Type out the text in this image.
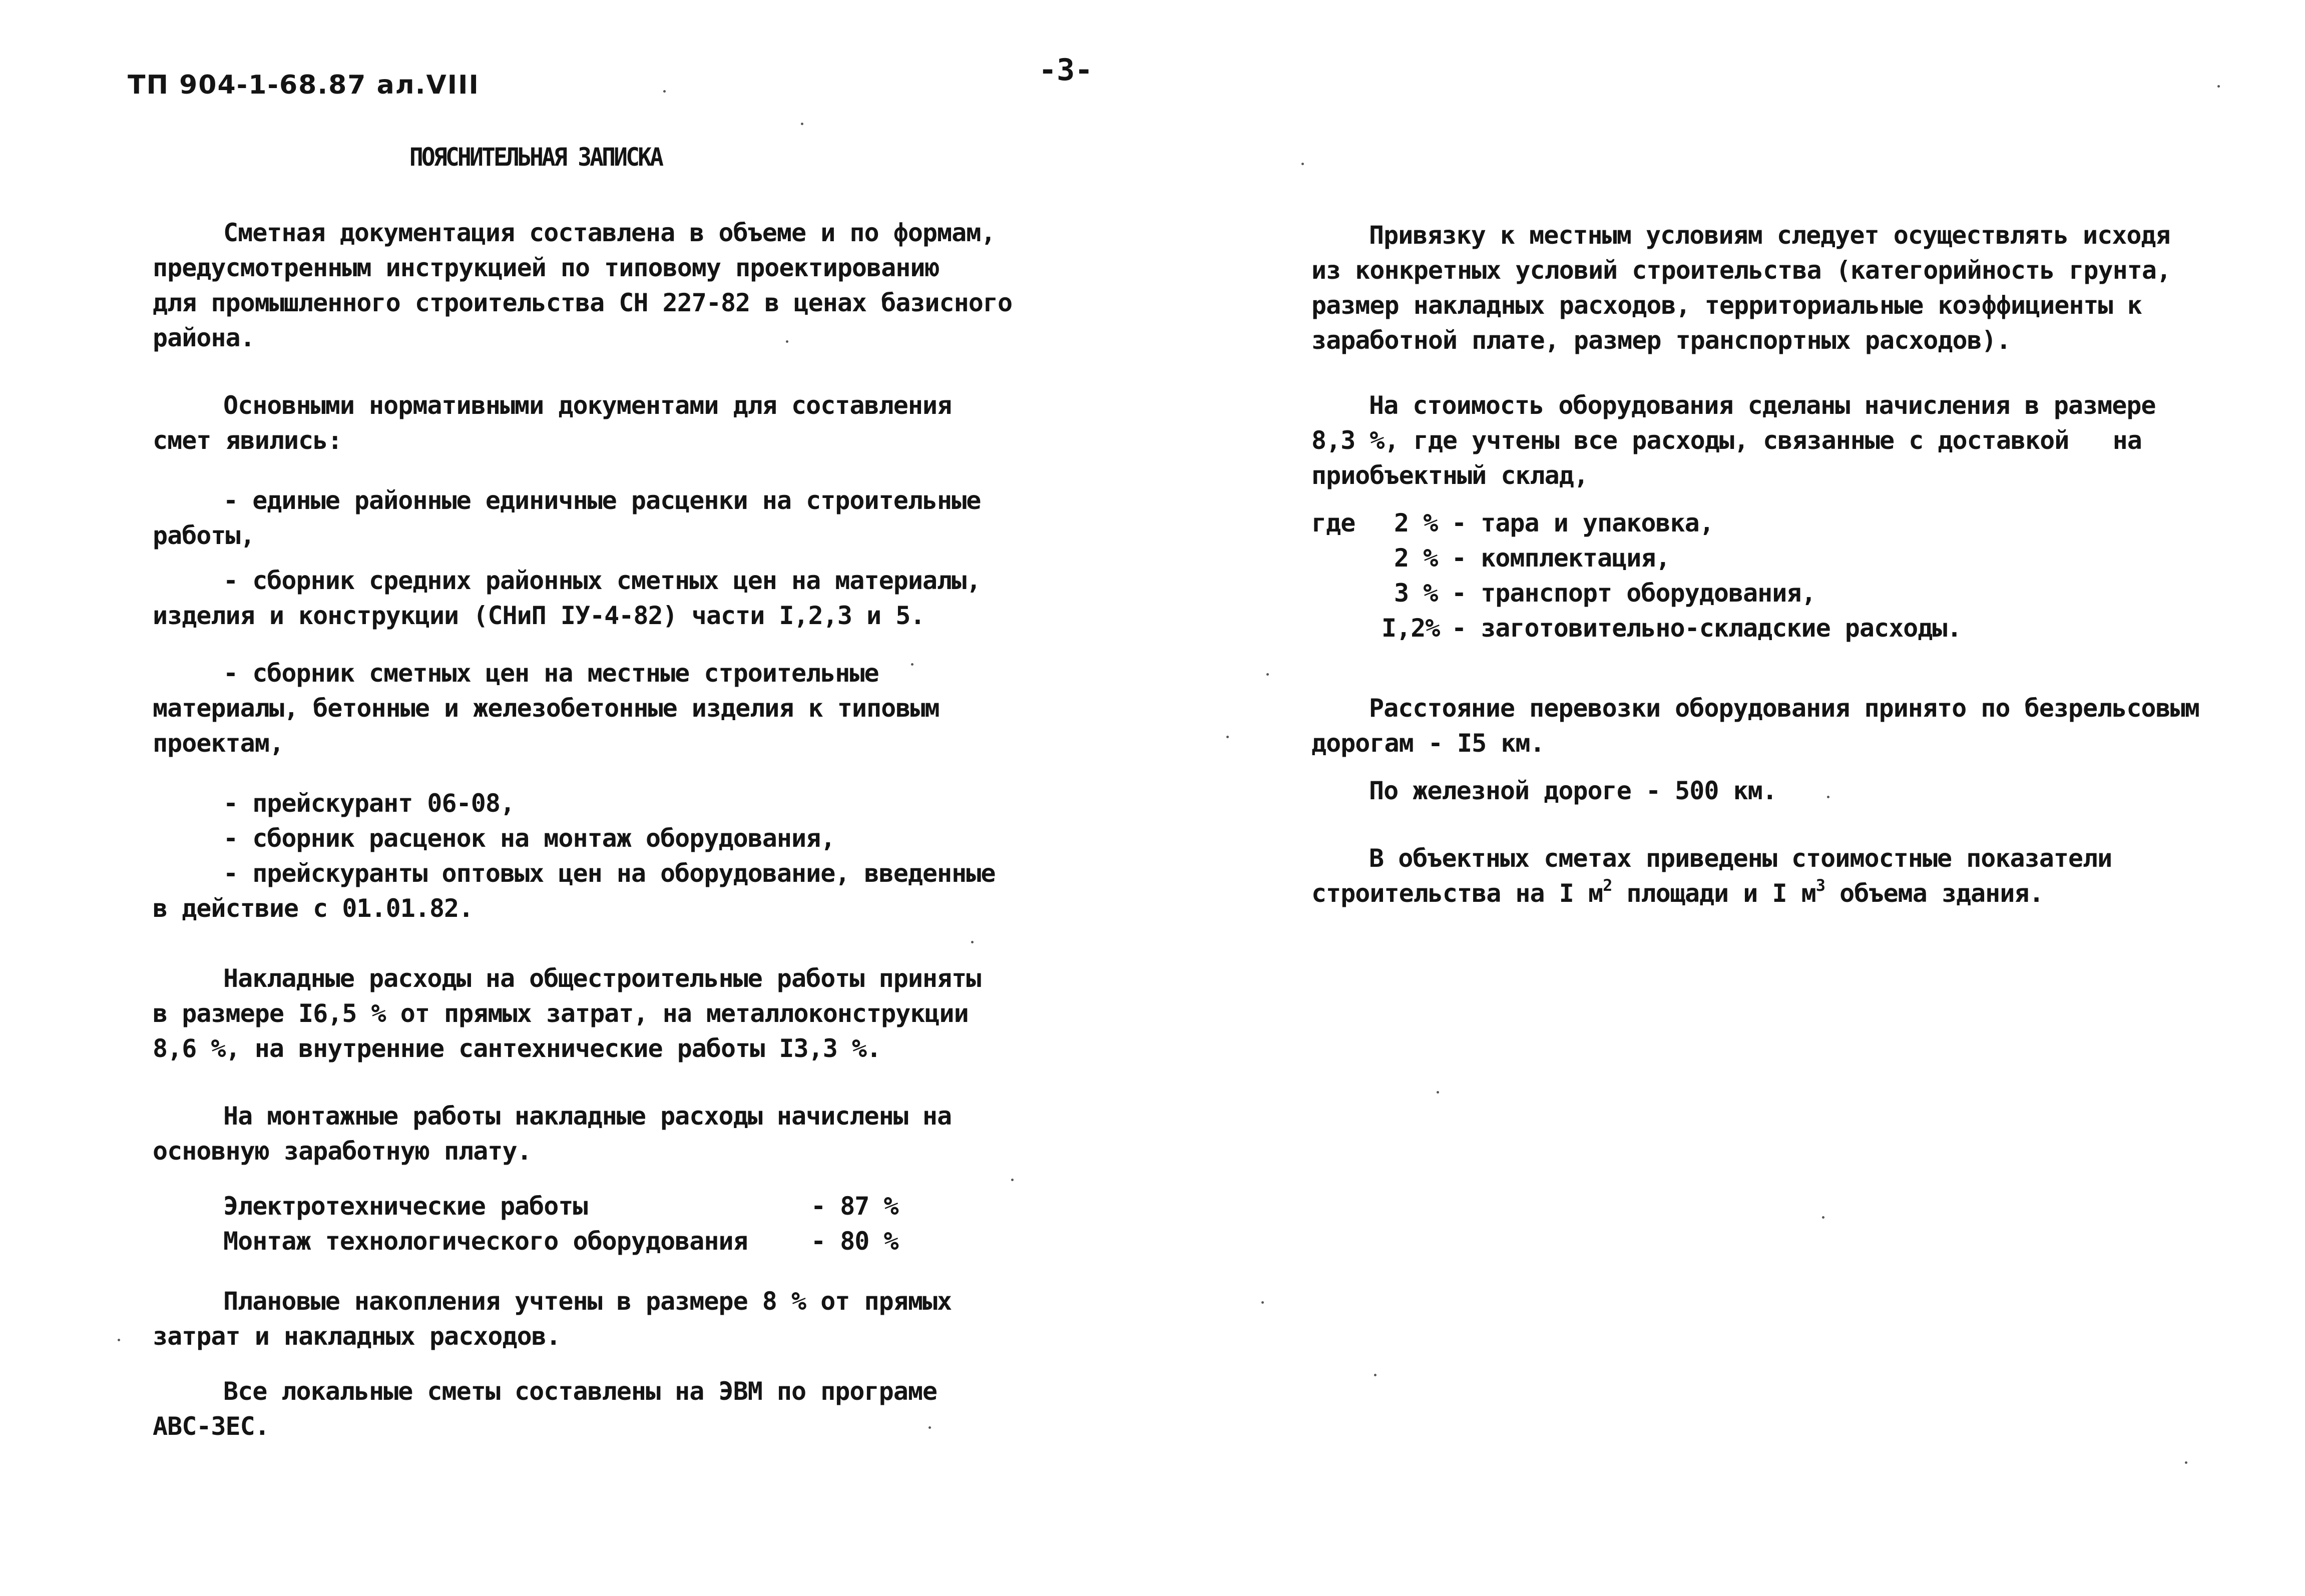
ТП 904-1-68.87 ал.VIII	-3-
ПОЯСНИТЕЛЬНАЯ ЗАПИСКА
Сметная документация составлена в объеме и по формам,
предусмотренным инструкцией по типовому проектированию
для промышленного строительства СН 227-82 в ценах базисного
района.
Основными нормативными документами для составления
смет явились:
- единые районные единичные расценки на строительные
работы,
- сборник средних районных сметных цен на материалы,
изделия и конструкции (СНиП IУ-4-82) части I,2,3 и 5.
- сборник сметных цен на местные строительные
материалы, бетонные и железобетонные изделия к типовым
проектам,
- прейскурант 06-08,
- сборник расценок на монтаж оборудования,
- прейскуранты оптовых цен на оборудование, введенные
в действие с 01.01.82.
Накладные расходы на общестроительные работы приняты
в размере I6,5 % от прямых затрат, на металлоконструкции
8,6 %, на внутренние сантехнические работы I3,3 %.
На монтажные работы накладные расходы начислены на
основную заработную плату.
Электротехнические работы	- 87 %
Монтаж технологического оборудования	- 80 %
Плановые накопления учтены в размере 8 % от прямых
затрат и накладных расходов.
Все локальные сметы составлены на ЭВМ по програме
АВС-ЗЕС.
Привязку к местным условиям следует осуществлять исходя
из конкретных условий строительства (категорийность грунта,
размер накладных расходов, территориальные коэффициенты к
заработной плате, размер транспортных расходов).
На стоимость оборудования сделаны начисления в размере
8,3 %, где учтены все расходы, связанные с доставкой   на
приобъектный склад,
где 2 % - тара и упаковка,
2 % - комплектация,
3 % - транспорт оборудования,
I,2% - заготовительно-складские расходы.
Расстояние перевозки оборудования принято по безрельсовым
дорогам - I5 км.
По железной дороге - 500 км.
В объектных сметах приведены стоимостные показатели
строительства на I $м^2$ площади и I $м^3$ объема здания.
